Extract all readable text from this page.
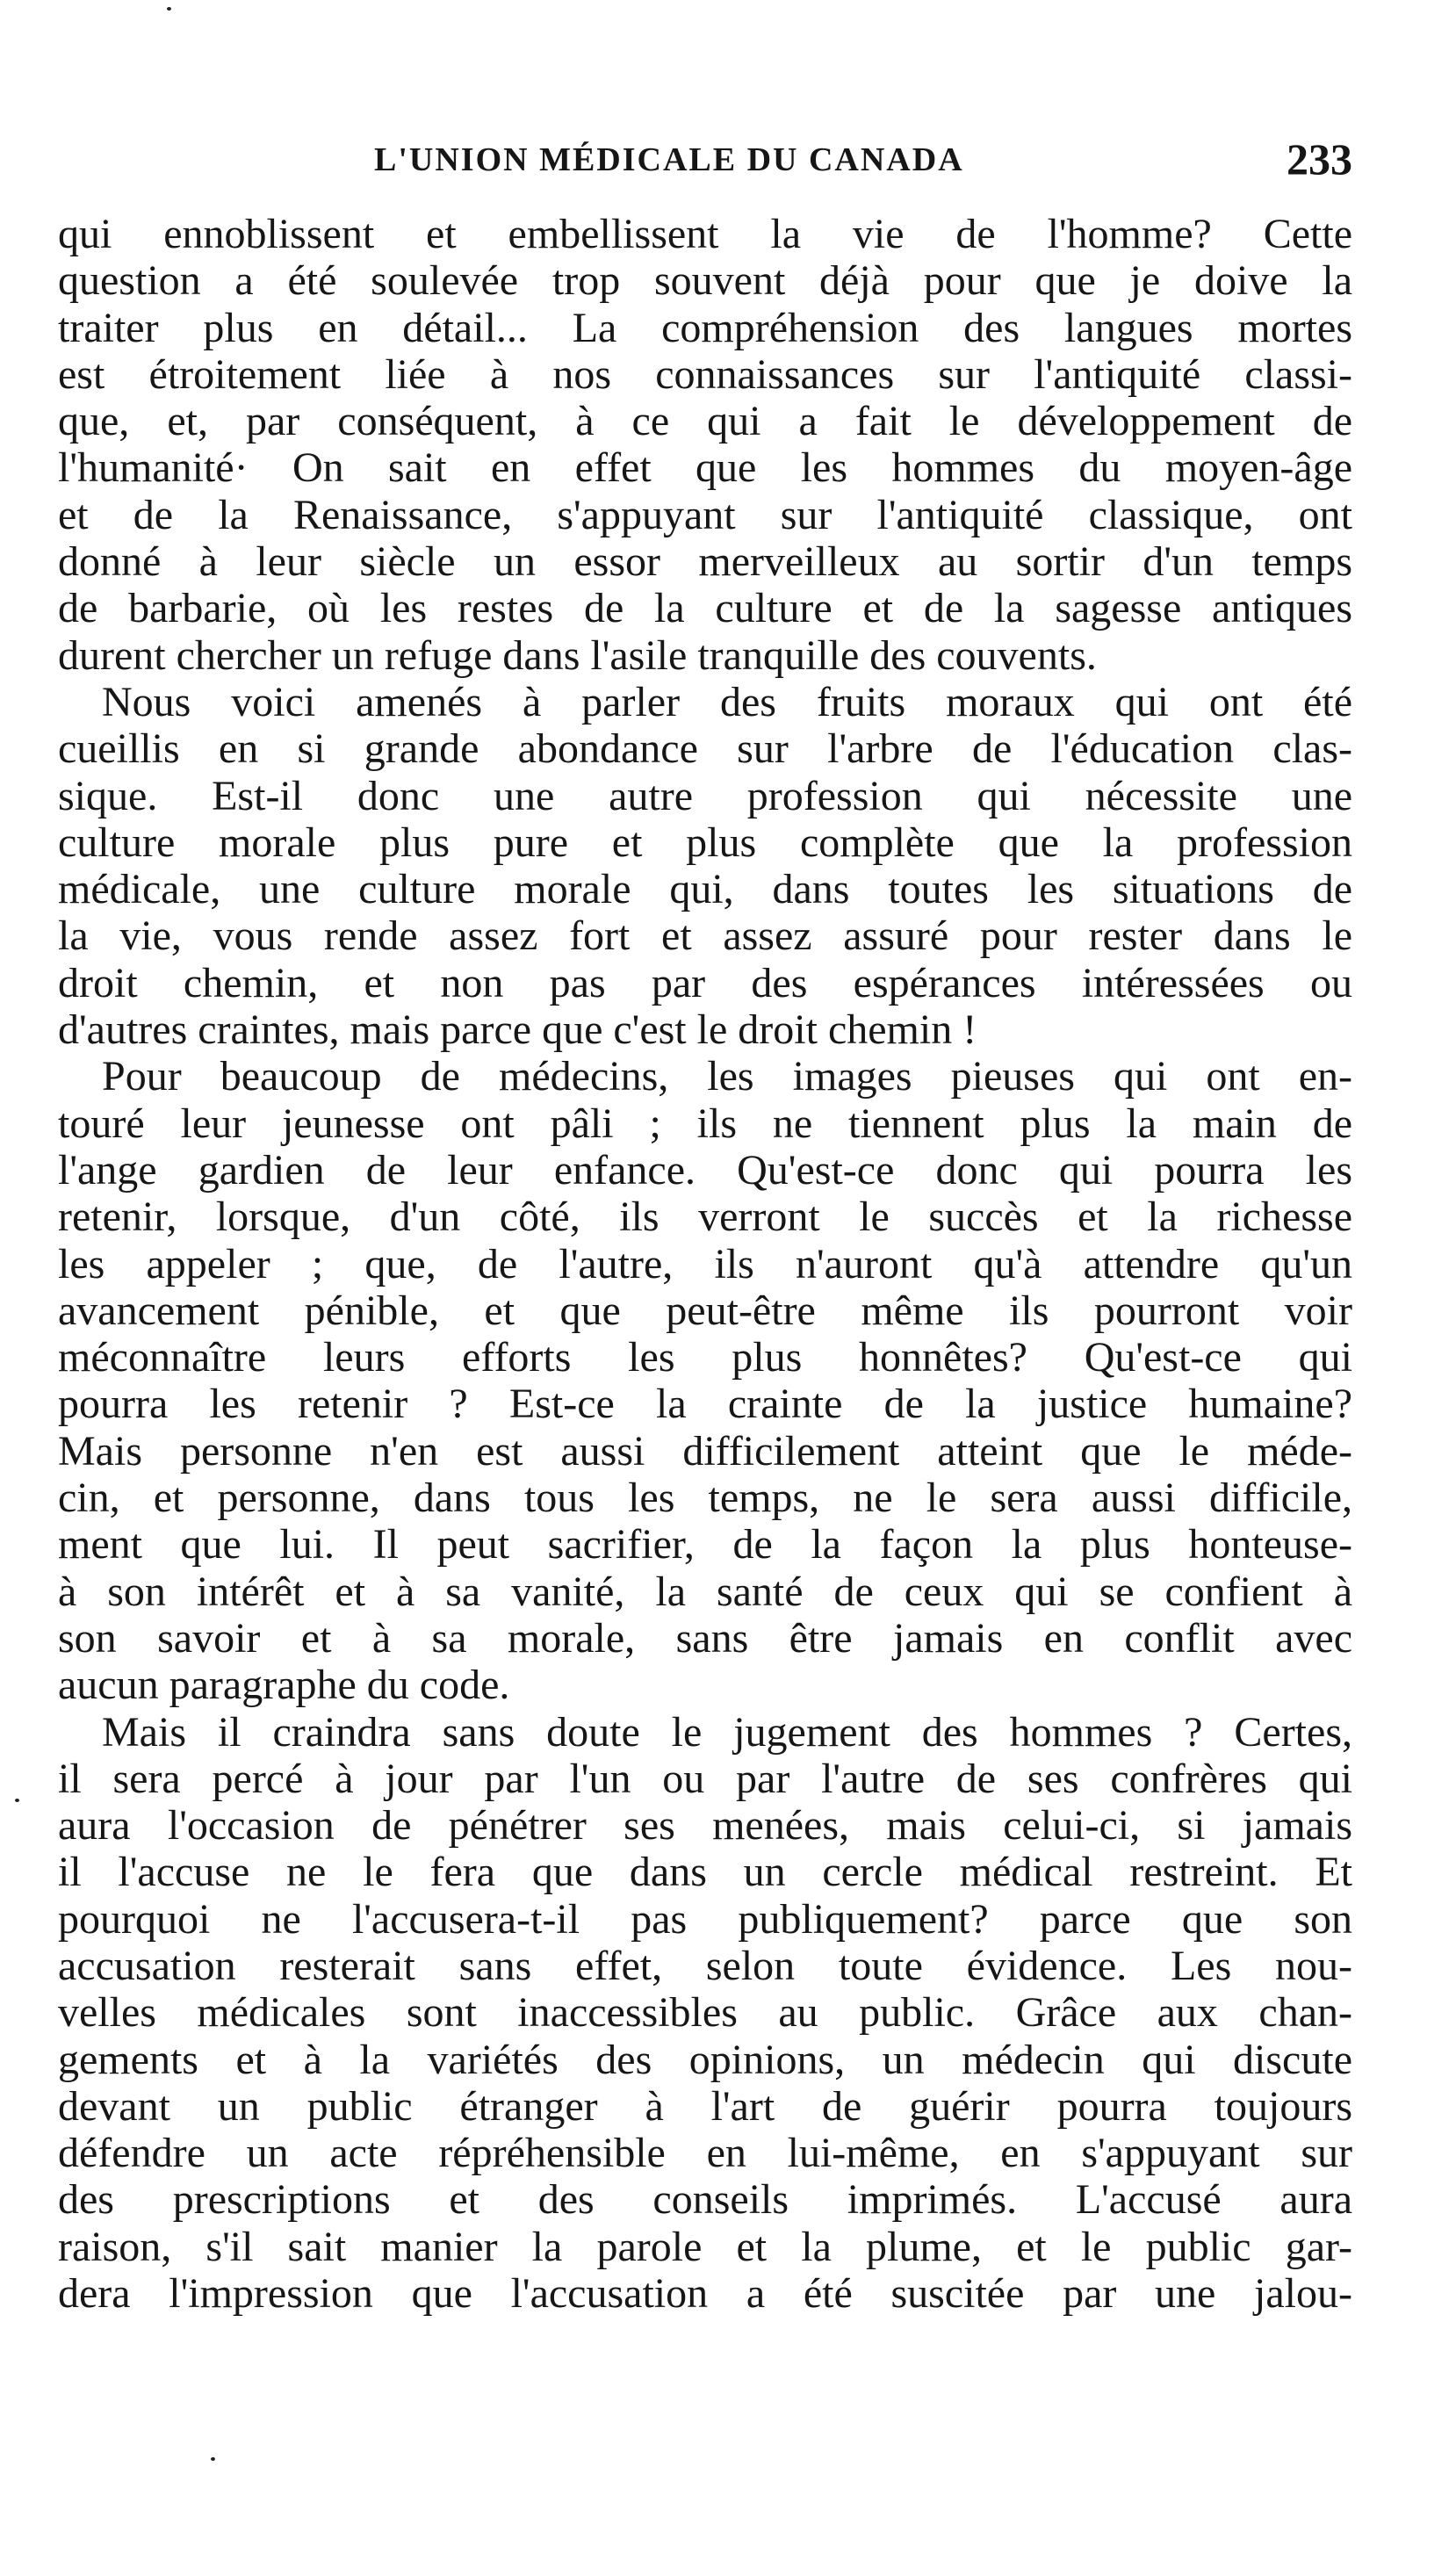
L'UNION MÉDICALE DU CANADA	233
qui ennoblissent et embellissent la vie de l'homme? Cette
question a été soulevée trop souvent déjà pour que je doive la
traiter plus en détail... La compréhension des langues mortes
est étroitement liée à nos connaissances sur l'antiquité classi-
que, et, par conséquent, à ce qui a fait le développement de
l'humanité· On sait en effet que les hommes du moyen-âge
et de la Renaissance, s'appuyant sur l'antiquité classique, ont
donné à leur siècle un essor merveilleux au sortir d'un temps
de barbarie, où les restes de la culture et de la sagesse antiques
durent chercher un refuge dans l'asile tranquille des couvents.
Nous voici amenés à parler des fruits moraux qui ont été
cueillis en si grande abondance sur l'arbre de l'éducation clas-
sique. Est-il donc une autre profession qui nécessite une
culture morale plus pure et plus complète que la profession
médicale, une culture morale qui, dans toutes les situations de
la vie, vous rende assez fort et assez assuré pour rester dans le
droit chemin, et non pas par des espérances intéressées ou
d'autres craintes, mais parce que c'est le droit chemin !
Pour beaucoup de médecins, les images pieuses qui ont en-
touré leur jeunesse ont pâli ; ils ne tiennent plus la main de
l'ange gardien de leur enfance. Qu'est-ce donc qui pourra les
retenir, lorsque, d'un côté, ils verront le succès et la richesse
les appeler ; que, de l'autre, ils n'auront qu'à attendre qu'un
avancement pénible, et que peut-être même ils pourront voir
méconnaître leurs efforts les plus honnêtes? Qu'est-ce qui
pourra les retenir ? Est-ce la crainte de la justice humaine?
Mais personne n'en est aussi difficilement atteint que le méde-
cin, et personne, dans tous les temps, ne le sera aussi difficile,
ment que lui. Il peut sacrifier, de la façon la plus honteuse-
à son intérêt et à sa vanité, la santé de ceux qui se confient à
son savoir et à sa morale, sans être jamais en conflit avec
aucun paragraphe du code.
Mais il craindra sans doute le jugement des hommes ? Certes,
il sera percé à jour par l'un ou par l'autre de ses confrères qui
aura l'occasion de pénétrer ses menées, mais celui-ci, si jamais
il l'accuse ne le fera que dans un cercle médical restreint. Et
pourquoi ne l'accusera-t-il pas publiquement? parce que son
accusation resterait sans effet, selon toute évidence. Les nou-
velles médicales sont inaccessibles au public. Grâce aux chan-
gements et à la variétés des opinions, un médecin qui discute
devant un public étranger à l'art de guérir pourra toujours
défendre un acte répréhensible en lui-même, en s'appuyant sur
des prescriptions et des conseils imprimés. L'accusé aura
raison, s'il sait manier la parole et la plume, et le public gar-
dera l'impression que l'accusation a été suscitée par une jalou-
